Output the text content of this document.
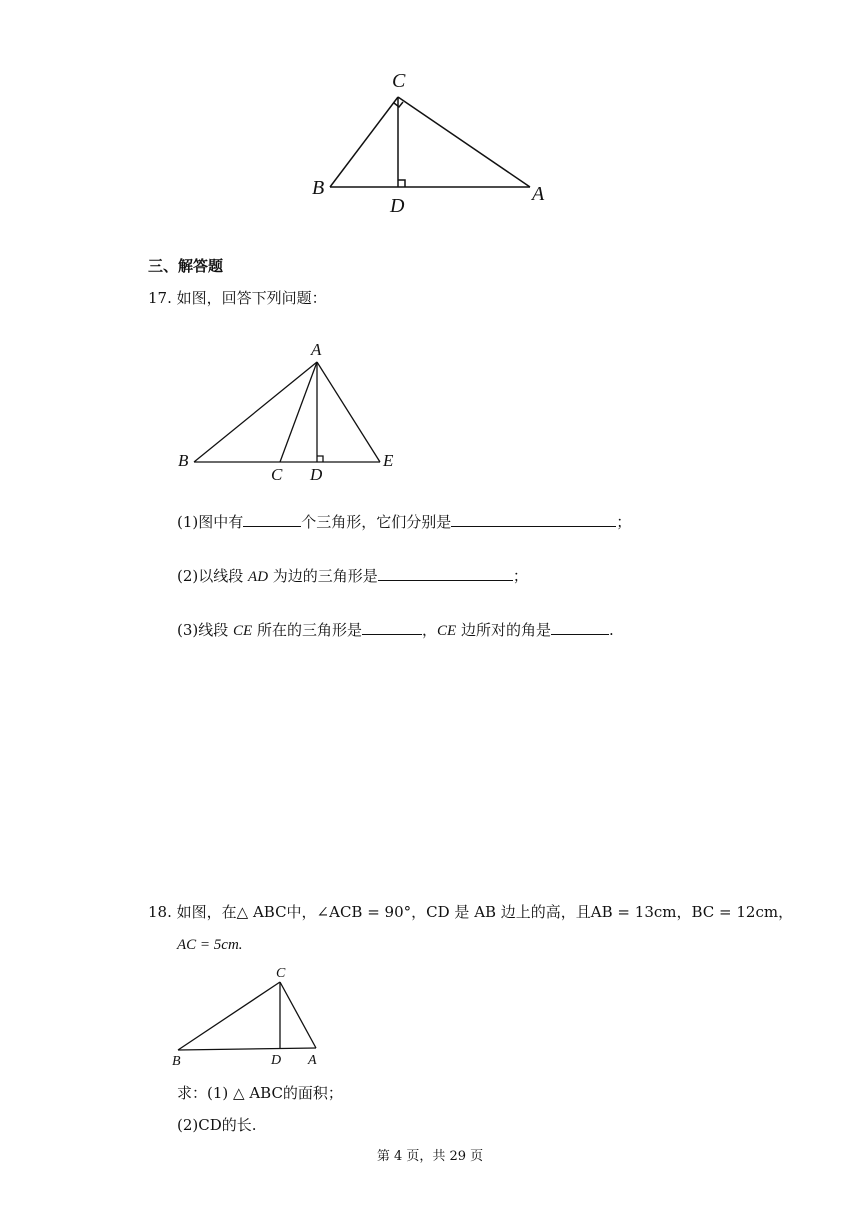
C
B
D
A
三、解答题
17. 如图，回答下列问题：
A
B
C D
E
(1)图中有	个三角形，它们分别是	；
(2)以线段 AD 为边的三角形是	；
(3)线段 CE 所在的三角形是	，CE 边所对的角是	.
18. 如图，在△ ABC中，∠ACB = 90°，CD 是 AB 边上的高，且AB = 13cm，BC = 12cm，
AC = 5cm.
C
B	D A
求：(1) △ ABC的面积；
(2)CD的长.
第 4 页，共 29 页
